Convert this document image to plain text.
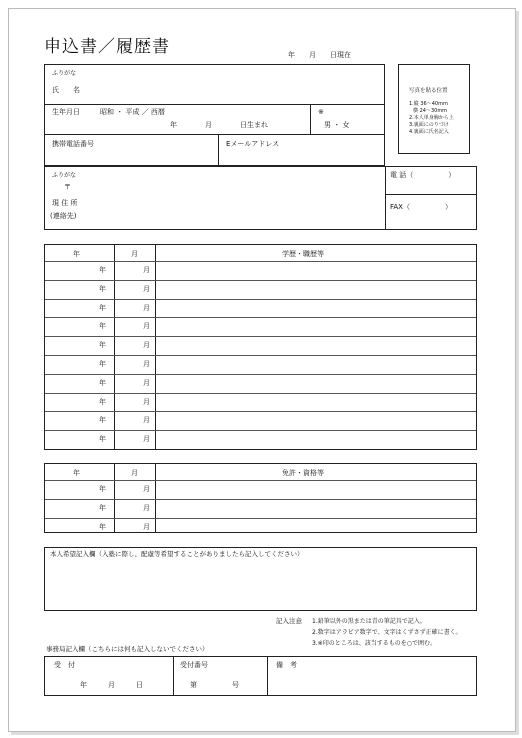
申込書／履歴書	年　　月　　日現在
ふりがな
氏　　名
生年月日	昭和 ・ 平成 ／ 西暦
年　　　　月　　　　日生まれ
※
男 ・ 女
携帯電話番号	Eメールアドレス
写真を貼る位置
1.縦 36〜40mm
横 24〜30mm
2.本人単身胸から上
3.裏面にのりづけ
4.裏面に氏名記入
ふりがな
〒
現 住 所
(連絡先)
電 話（　　　　　）
FAX（　　　　　）
年	月	学歴・職歴等
年	月
年	月
年	月
年	月
年	月
年	月
年	月
年	月
年	月
年	月
年	月	免許・資格等
年	月
年	月
年	月
本人希望記入欄（入塾に際し、配慮等希望することがありましたら記入してください）
記入注意 1.鉛筆以外の黒または青の筆記具で記入。
2.数字はアラビア数字で、文字はくずさず正確に書く。
3.※印のところは、該当するものを○で囲む。
事務局記入欄（こちらには何も記入しないでください）
受　付
年　　　月　　　日
受付番号
第　　　　　号
備　考
